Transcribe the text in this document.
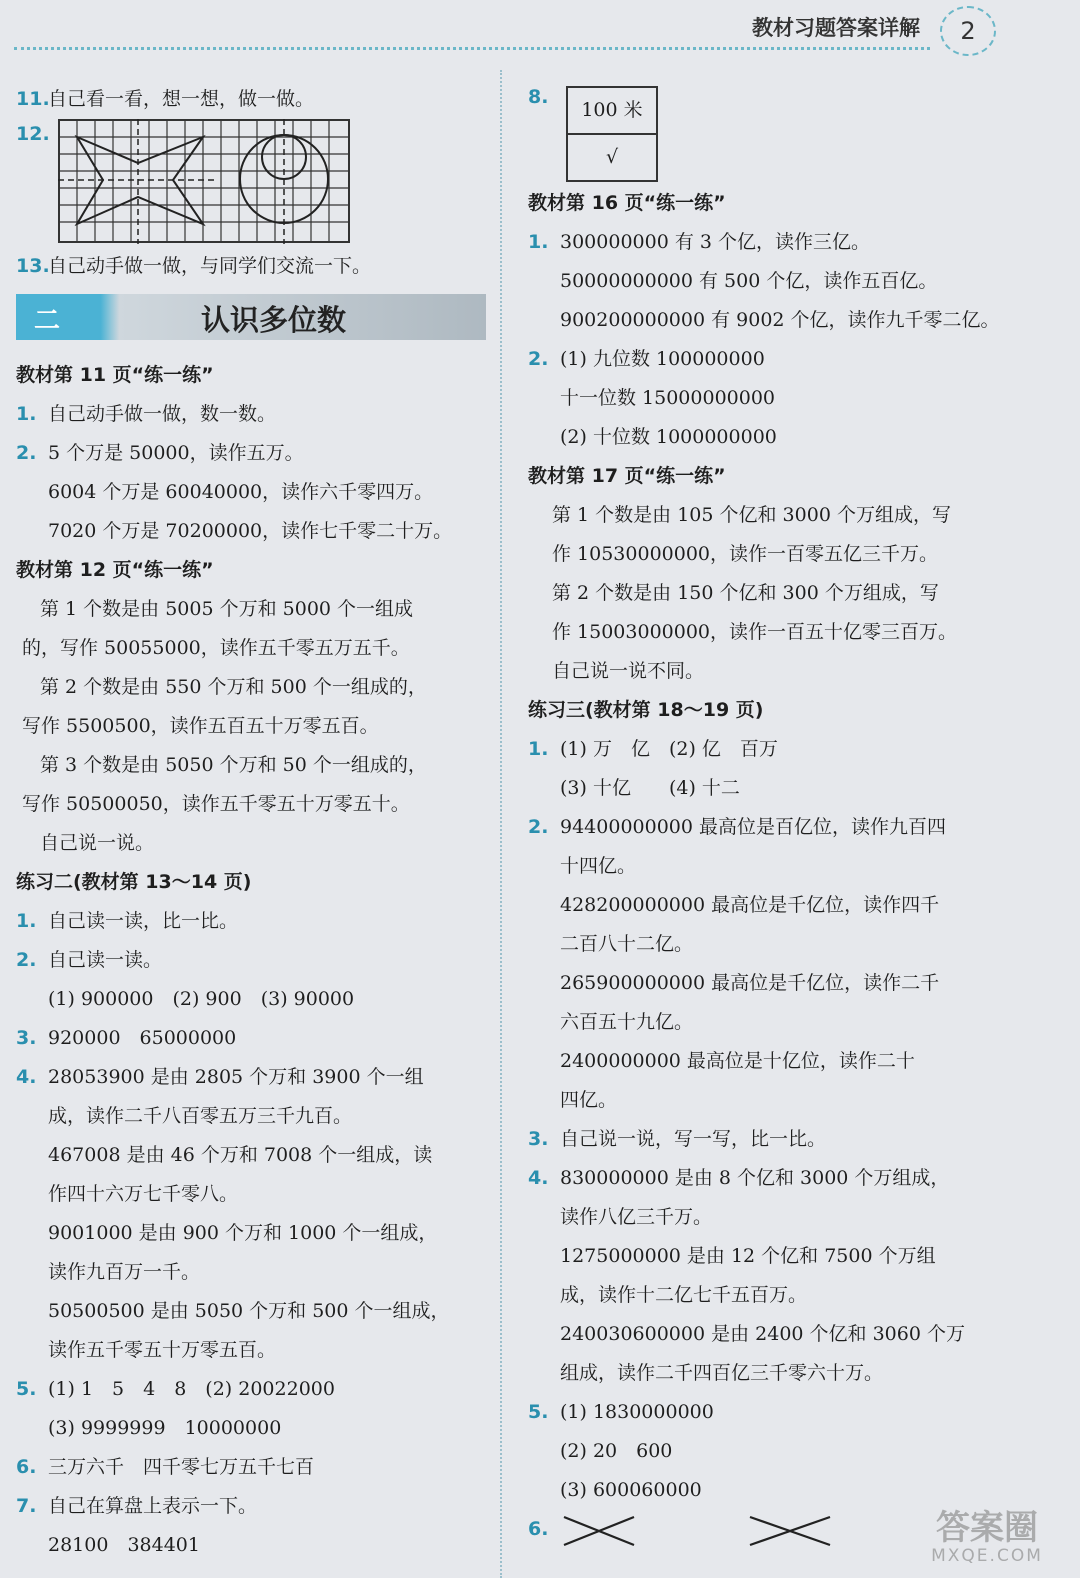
教材习题答案详解	2
11.自己看一看，想一想，做一做。
12.
13.自己动手做一做，与同学们交流一下。
二	认识多位数
教材第 11 页“练一练”
1. 自己动手做一做，数一数。
2. 5 个万是 50000，读作五万。
6004 个万是 60040000，读作六千零四万。
7020 个万是 70200000，读作七千零二十万。
教材第 12 页“练一练”
第 1 个数是由 5005 个万和 5000 个一组成
的，写作 50055000，读作五千零五万五千。
第 2 个数是由 550 个万和 500 个一组成的，
写作 5500500，读作五百五十万零五百。
第 3 个数是由 5050 个万和 50 个一组成的，
写作 50500050，读作五千零五十万零五十。
自己说一说。
练习二(教材第 13～14 页)
1. 自己读一读，比一比。
2. 自己读一读。
(1) 900000　(2) 900　(3) 90000
3. 920000　65000000
4. 28053900 是由 2805 个万和 3900 个一组
成，读作二千八百零五万三千九百。
467008 是由 46 个万和 7008 个一组成，读
作四十六万七千零八。
9001000 是由 900 个万和 1000 个一组成，
读作九百万一千。
50500500 是由 5050 个万和 500 个一组成，
读作五千零五十万零五百。
5. (1) 1　5　4　8　(2) 20022000
(3) 9999999　10000000
6. 三万六千　四千零七万五千七百
7. 自己在算盘上表示一下。
28100　384401
8.
100 米
√
教材第 16 页“练一练”
1. 300000000 有 3 个亿，读作三亿。
50000000000 有 500 个亿，读作五百亿。
900200000000 有 9002 个亿，读作九千零二亿。
2. (1) 九位数 100000000
十一位数 15000000000
(2) 十位数 1000000000
教材第 17 页“练一练”
第 1 个数是由 105 个亿和 3000 个万组成，写
作 10530000000，读作一百零五亿三千万。
第 2 个数是由 150 个亿和 300 个万组成，写
作 15003000000，读作一百五十亿零三百万。
自己说一说不同。
练习三(教材第 18～19 页)
1. (1) 万　亿　(2) 亿　百万
(3) 十亿　　(4) 十二
2. 94400000000 最高位是百亿位，读作九百四
十四亿。
428200000000 最高位是千亿位，读作四千
二百八十二亿。
265900000000 最高位是千亿位，读作二千
六百五十九亿。
2400000000 最高位是十亿位，读作二十
四亿。
3. 自己说一说，写一写，比一比。
4. 830000000 是由 8 个亿和 3000 个万组成，
读作八亿三千万。
1275000000 是由 12 个亿和 7500 个万组
成，读作十二亿七千五百万。
240030600000 是由 2400 个亿和 3060 个万
组成，读作二千四百亿三千零六十万。
5. (1) 1830000000
(2) 20　600
(3) 600060000
6.	答案圈
MXQE.COM
